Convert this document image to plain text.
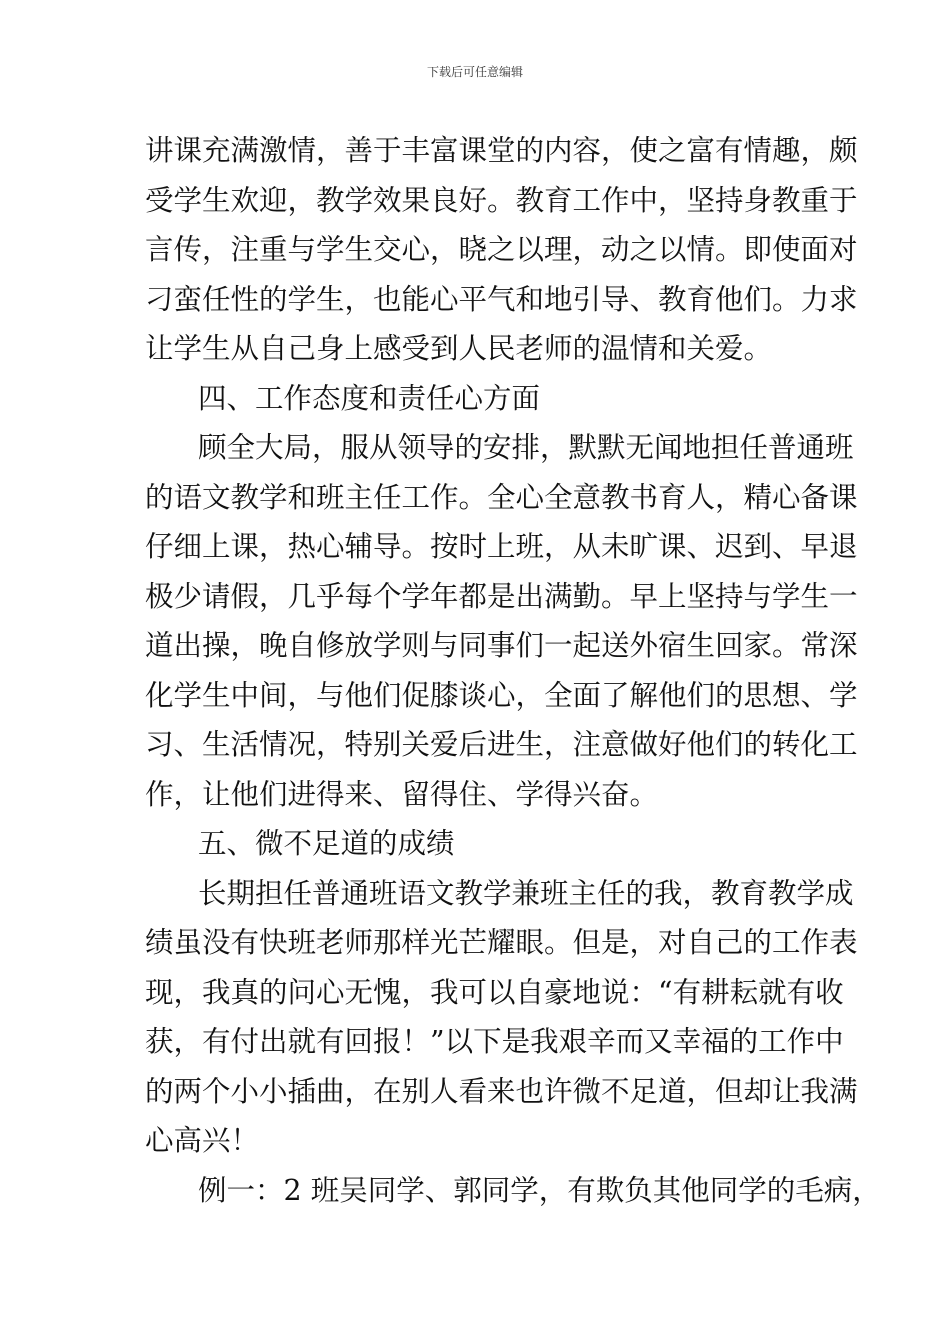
下载后可任意编辑
讲课充满激情，善于丰富课堂的内容，使之富有情趣，颇
受学生欢迎，教学效果良好。教育工作中，坚持身教重于
言传，注重与学生交心，晓之以理，动之以情。即使面对
刁蛮任性的学生，也能心平气和地引导、教育他们。力求
让学生从自己身上感受到人民老师的温情和关爱。
四、工作态度和责任心方面
顾全大局，服从领导的安排，默默无闻地担任普通班
的语文教学和班主任工作。全心全意教书育人，精心备课
仔细上课，热心辅导。按时上班，从未旷课、迟到、早退
极少请假，几乎每个学年都是出满勤。早上坚持与学生一
道出操，晚自修放学则与同事们一起送外宿生回家。常深
化学生中间，与他们促膝谈心，全面了解他们的思想、学
习、生活情况，特别关爱后进生，注意做好他们的转化工
作，让他们进得来、留得住、学得兴奋。
五、微不足道的成绩
长期担任普通班语文教学兼班主任的我，教育教学成
绩虽没有快班老师那样光芒耀眼。但是，对自己的工作表
现，我真的问心无愧，我可以自豪地说：“有耕耘就有收
获，有付出就有回报！”以下是我艰辛而又幸福的工作中
的两个小小插曲，在别人看来也许微不足道，但却让我满
心高兴！
例一：2 班吴同学、郭同学，有欺负其他同学的毛病，
